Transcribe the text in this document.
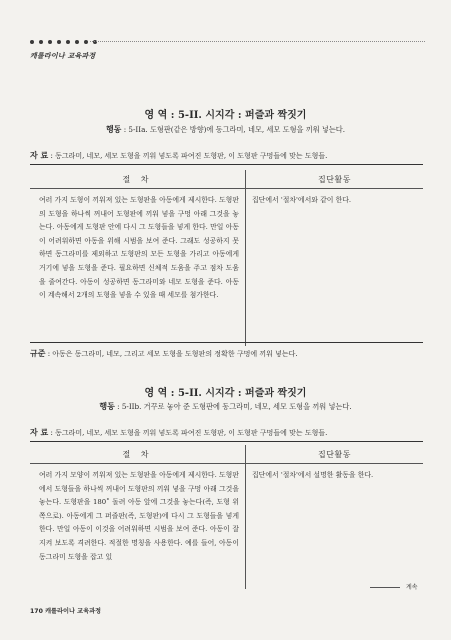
캐롤라이나 교육과정
영 역 : 5-II. 시지각 : 퍼즐과 짝짓기
행동 : 5-IIa. 도형판(같은 방향)에 동그라미, 네모, 세모 도형을 끼워 넣는다.
자 료 : 동그라미, 네모, 세모 도형을 끼워 넣도록 파여진 도형판, 이 도형판 구멍들에 맞는 도형들.
절 차	집단활동
여러 가지 도형이 끼워져 있는 도형판을 아동에게 제시한다. 도형판의 도형을 하나씩 꺼내어 도형판에 끼워 넣을 구멍 아래 그것을 놓는다. 아동에게 도형판 안에 다시 그 도형들을 넣게 한다. 만일 아동이 어려워하면 아동을 위해 시범을 보여 준다. 그래도 성공하지 못하면 동그라미를 제외하고 도형판의 모든 도형을 가리고 아동에게 거기에 넣을 도형을 준다. 필요하면 신체적 도움을 주고 점차 도움을 줄여간다. 아동이 성공하면 동그라미와 네모 도형을 준다. 아동이 계속해서 2개의 도형을 넣을 수 있을 때 세모를 첨가한다.	집단에서 '절차'에서와 같이 한다.
규준 : 아동은 동그라미, 네모, 그리고 세모 도형을 도형판의 정확한 구멍에 끼워 넣는다.
영 역 : 5-II. 시지각 : 퍼즐과 짝짓기
행동 : 5-IIb. 거꾸로 놓아 준 도형판에 동그라미, 네모, 세모 도형을 끼워 넣는다.
자 료 : 동그라미, 네모, 세모 도형을 끼워 넣도록 파여진 도형판, 이 도형판 구멍들에 맞는 도형들.
절 차	집단활동
여러 가지 모양이 끼워져 있는 도형판을 아동에게 제시한다. 도형판에서 도형들을 하나씩 꺼내어 도형판의 끼워 넣을 구멍 아래 그것을 놓는다. 도형판을 180˚ 돌려 아동 앞에 그것을 놓는다(즉, 도형 위쪽으로). 아동에게 그 퍼즐판(즉, 도형판)에 다시 그 도형들을 넣게 한다. 만일 아동이 이것을 어려워하면 시범을 보여 준다. 아동이 잘 지켜 보도록 격려한다. 적절한 명칭을 사용한다. 예를 들어, 아동이 동그라미 도형을 잡고 있	집단에서 '절차'에서 설명한 활동을 한다.
계속
170 캐롤라이나 교육과정
